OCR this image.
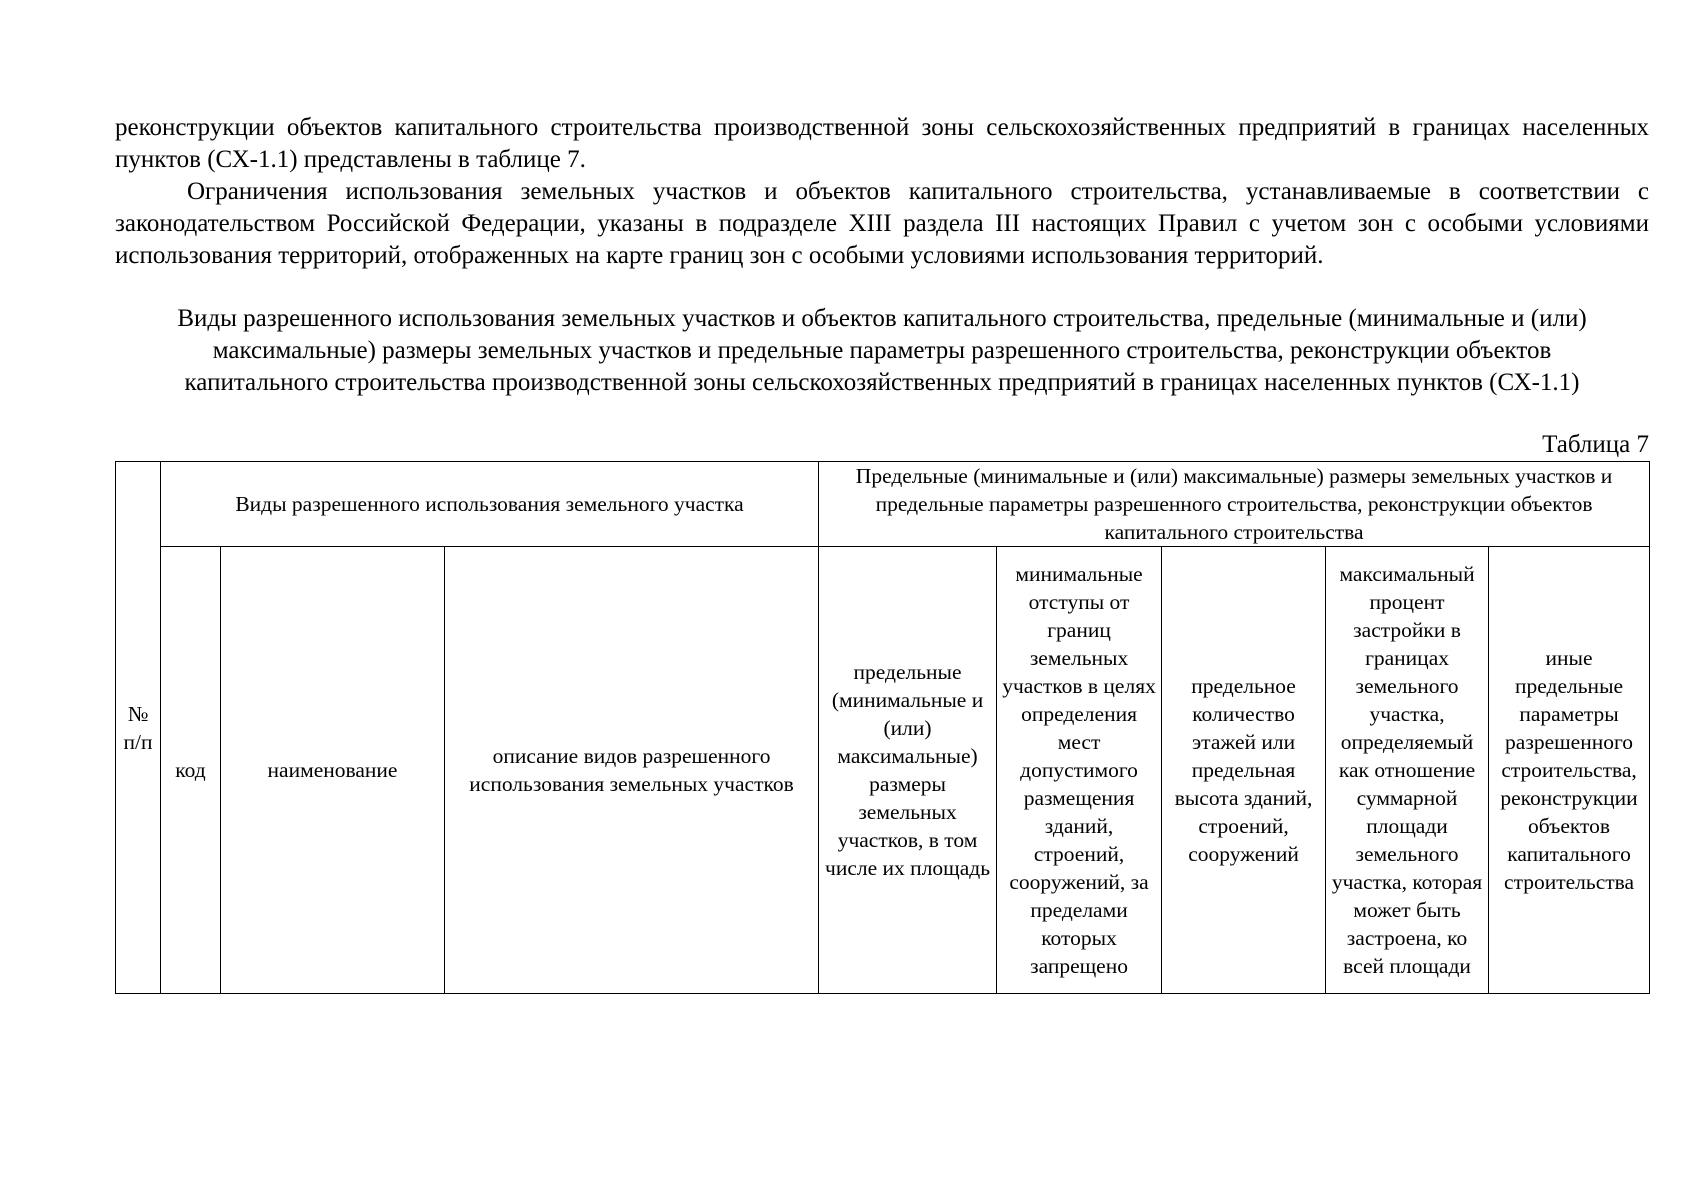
реконструкции объектов капитального строительства производственной зоны сельскохозяйственных предприятий в границах населенных пунктов (СХ-1.1) представлены в таблице 7.

Ограничения использования земельных участков и объектов капитального строительства, устанавливаемые в соответствии с законодательством Российской Федерации, указаны в подразделе XIII раздела III настоящих Правил с учетом зон с особыми условиями использования территорий, отображенных на карте границ зон с особыми условиями использования территорий.

Виды разрешенного использования земельных участков и объектов капитального строительства, предельные (минимальные и (или) максимальные) размеры земельных участков и предельные параметры разрешенного строительства, реконструкции объектов капитального строительства производственной зоны сельскохозяйственных предприятий в границах населенных пунктов (СХ-1.1)
Таблица 7
№ п/п	Виды разрешенного использования земельного участка			Предельные (минимальные и (или) максимальные) размеры земельных участков и предельные параметры разрешенного строительства, реконструкции объектов капитального строительства				
	код	наименование	описание видов разрешенного использования земельных участков	предельные (минимальные и (или) максимальные) размеры земельных участков, в том числе их площадь	минимальные отступы от границ земельных участков в целях определения мест допустимого размещения зданий, строений, сооружений, за пределами которых запрещено	предельное количество этажей или предельная высота зданий, строений, сооружений	максимальный процент застройки в границах земельного участка, определяемый как отношение суммарной площади земельного участка, которая может быть застроена, ко всей площади	иные предельные параметры разрешенного строительства, реконструкции объектов капитального строительства
